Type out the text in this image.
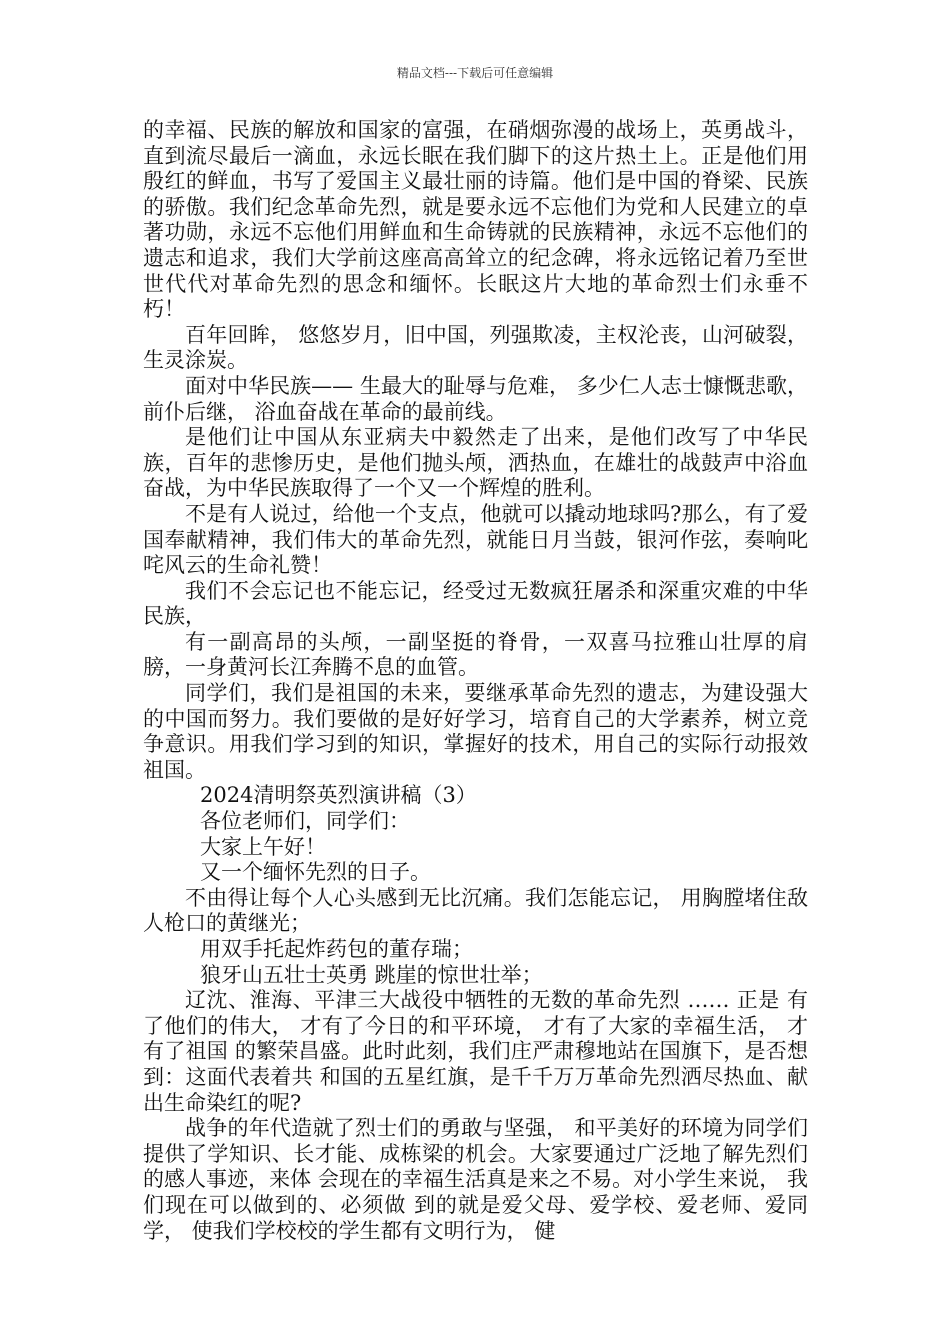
精品文档---下载后可任意编辑

的幸福、民族的解放和国家的富强，在硝烟弥漫的战场上，英勇战斗，直到流尽最后一滴血，永远长眠在我们脚下的这片热土上。正是他们用殷红的鲜血，书写了爱国主义最壮丽的诗篇。他们是中国的脊梁、民族的骄傲。我们纪念革命先烈，就是要永远不忘他们为党和人民建立的卓著功勋，永远不忘他们用鲜血和生命铸就的民族精神，永远不忘他们的遗志和追求，我们大学前这座高高耸立的纪念碑，将永远铭记着乃至世世代代对革命先烈的思念和缅怀。长眠这片大地的革命烈士们永垂不朽！

百年回眸， 悠悠岁月，旧中国，列强欺凌，主权沦丧，山河破裂，生灵涂炭。

面对中华民族—— 生最大的耻辱与危难， 多少仁人志士慷慨悲歌，前仆后继， 浴血奋战在革命的最前线。

是他们让中国从东亚病夫中毅然走了出来，是他们改写了中华民族，百年的悲惨历史，是他们抛头颅，洒热血，在雄壮的战鼓声中浴血奋战，为中华民族取得了一个又一个辉煌的胜利。

不是有人说过，给他一个支点，他就可以撬动地球吗?那么，有了爱国奉献精神，我们伟大的革命先烈，就能日月当鼓，银河作弦，奏响叱咤风云的生命礼赞！

我们不会忘记也不能忘记，经受过无数疯狂屠杀和深重灾难的中华民族，

有一副高昂的头颅，一副坚挺的脊骨，一双喜马拉雅山壮厚的肩膀，一身黄河长江奔腾不息的血管。

同学们，我们是祖国的未来，要继承革命先烈的遗志，为建设强大的中国而努力。我们要做的是好好学习，培育自己的大学素养，树立竞争意识。用我们学习到的知识，掌握好的技术，用自己的实际行动报效祖国。

2024清明祭英烈演讲稿（3）

各位老师们，同学们：

大家上午好！

又一个缅怀先烈的日子。

不由得让每个人心头感到无比沉痛。我们怎能忘记， 用胸膛堵住敌人枪口的黄继光；

用双手托起炸药包的董存瑞；

狼牙山五壮士英勇 跳崖的惊世壮举；

辽沈、淮海、平津三大战役中牺牲的无数的革命先烈 …… 正是 有了他们的伟大， 才有了今日的和平环境， 才有了大家的幸福生活， 才有了祖国 的繁荣昌盛。此时此刻，我们庄严肃穆地站在国旗下，是否想到：这面代表着共 和国的五星红旗，是千千万万革命先烈洒尽热血、献出生命染红的呢?

战争的年代造就了烈士们的勇敢与坚强， 和平美好的环境为同学们提供了学知识、长才能、成栋梁的机会。大家要通过广泛地了解先烈们的感人事迹，来体 会现在的幸福生活真是来之不易。对小学生来说， 我们现在可以做到的、必须做 到的就是爱父母、爱学校、爱老师、爱同学， 使我们学校校的学生都有文明行为， 健
